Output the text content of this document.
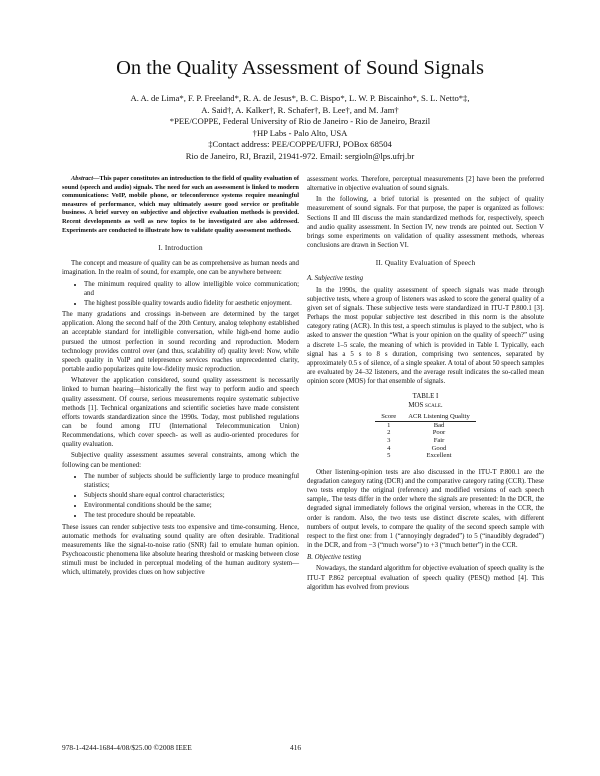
On the Quality Assessment of Sound Signals
A. A. de Lima*, F. P. Freeland*, R. A. de Jesus*, B. C. Bispo*, L. W. P. Biscainho*, S. L. Netto*‡,
A. Said†, A. Kalker†, R. Schafer†, B. Lee†, and M. Jam†
*PEE/COPPE, Federal University of Rio de Janeiro - Rio de Janeiro, Brazil
†HP Labs - Palo Alto, USA
‡Contact address: PEE/COPPE/UFRJ, POBox 68504
Rio de Janeiro, RJ, Brazil, 21941-972. Email: sergioln@lps.ufrj.br

Abstract—This paper constitutes an introduction to the field of quality evaluation of sound (speech and audio) signals. The need for such an assessment is linked to modern communications: VoIP, mobile phone, or teleconference systems require meaningful measures of performance, which may ultimately assure good service or profitable business. A brief survey on subjective and objective evaluation methods is provided. Recent developments as well as new topics to be investigated are also addressed. Experiments are conducted to illustrate how to validate quality assessment methods.

I. Introduction

The concept and measure of quality can be as comprehensive as human needs and imagination. In the realm of sound, for example, one can be anywhere between:

• The minimum required quality to allow intelligible voice communication; and
• The highest possible quality towards audio fidelity for aesthetic enjoyment.

The many gradations and crossings in-between are determined by the target application. Along the second half of the 20th Century, analog telephony established an acceptable standard for intelligible conversation, while high-end home audio pursued the utmost perfection in sound recording and reproduction. Modern technology provides control over (and thus, scalability of) quality level: Now, while speech quality in VoIP and telepresence services reaches unprecedented clarity, portable audio popularizes quite low-fidelity music reproduction.

Whatever the application considered, sound quality assessment is necessarily linked to human hearing—historically the first way to perform audio and speech quality assessment. Of course, serious measurements require systematic subjective methods [1]. Technical organizations and scientific societies have made consistent efforts towards standardization since the 1990s. Today, most published regulations can be found among ITU (International Telecommunication Union) Recommendations, which cover speech- as well as audio-oriented procedures for quality evaluation.

Subjective quality assessment assumes several constraints, among which the following can be mentioned:

• The number of subjects should be sufficiently large to produce meaningful statistics;
• Subjects should share equal control characteristics;
• Environmental conditions should be the same;
• The test procedure should be repeatable.

These issues can render subjective tests too expensive and time-consuming. Hence, automatic methods for evaluating sound quality are often desirable. Traditional measurements like the signal-to-noise ratio (SNR) fail to emulate human opinion. Psychoacoustic phenomena like absolute hearing threshold or masking between close stimuli must be included in perceptual modeling of the human auditory system—which, ultimately, provides clues on how subjective

assessment works. Therefore, perceptual measurements [2] have been the preferred alternative in objective evaluation of sound signals.

In the following, a brief tutorial is presented on the subject of quality measurement of sound signals. For that purpose, the paper is organized as follows: Sections II and III discuss the main standardized methods for, respectively, speech and audio quality assessment. In Section IV, new trends are pointed out. Section V brings some experiments on validation of quality assessment methods, whereas conclusions are drawn in Section VI.

II. Quality Evaluation of Speech
A. Subjective testing

In the 1990s, the quality assessment of speech signals was made through subjective tests, where a group of listeners was asked to score the general quality of a given set of signals. These subjective tests were standardized in ITU-T P.800.1 [3]. Perhaps the most popular subjective test described in this norm is the absolute category rating (ACR). In this test, a speech stimulus is played to the subject, who is asked to answer the question “What is your opinion on the quality of speech?” using a discrete 1–5 scale, the meaning of which is provided in Table I. Typically, each signal has a 5 s to 8 s duration, comprising two sentences, separated by approximately 0.5 s of silence, of a single speaker. A total of about 50 speech samples are evaluated by 24–32 listeners, and the average result indicates the so-called mean opinion score (MOS) for that ensemble of signals.

TABLE I
MOS scale.
Score	ACR Listening Quality
1	Bad
2	Poor
3	Fair
4	Good
5	Excellent

Other listening-opinion tests are also discussed in the ITU-T P.800.1 are the degradation category rating (DCR) and the comparative category rating (CCR). These two tests employ the original (reference) and modified versions of each speech sample,. The tests differ in the order where the signals are presented: In the DCR, the degraded signal immediately follows the original version, whereas in the CCR, the order is random. Also, the two tests use distinct discrete scales, with different numbers of output levels, to compare the quality of the second speech sample with respect to the first one: from 1 (“annoyingly degraded”) to 5 (“inaudibly degraded”) in the DCR, and from −3 (“much worse”) to +3 (“much better”) in the CCR.

B. Objective testing

Nowadays, the standard algorithm for objective evaluation of speech quality is the ITU-T P.862 perceptual evaluation of speech quality (PESQ) method [4]. This algorithm has evolved from previous

978-1-4244-1684-4/08/$25.00 ©2008 IEEE	416
